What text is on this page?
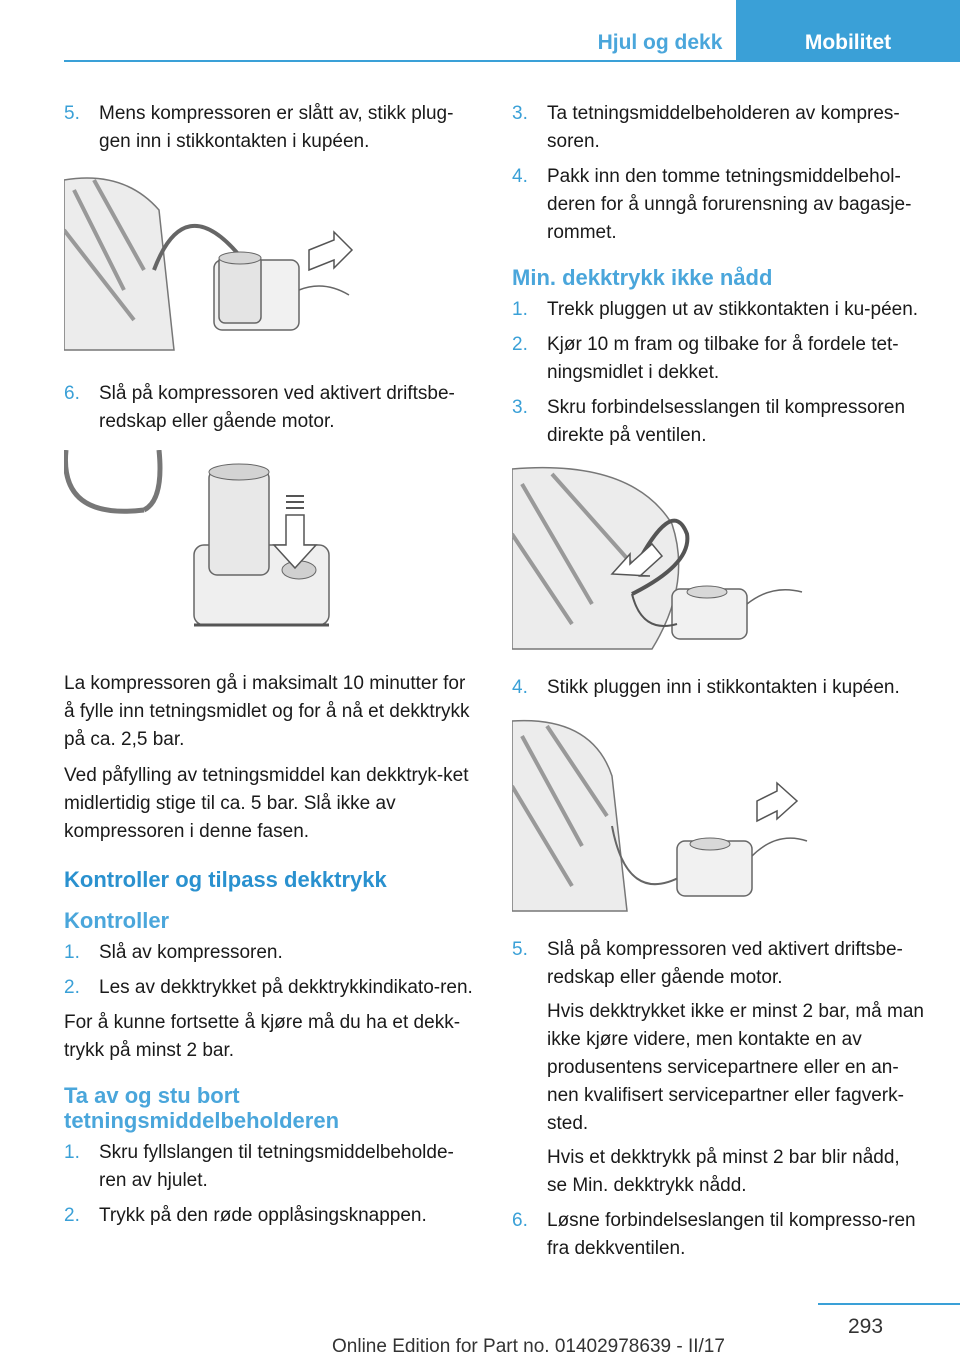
Hjul og dekk	Mobilitet
5. Mens kompressoren er slått av, stikk plug-gen inn i stikkontakten i kupéen.
6. Slå på kompressoren ved aktivert driftsbe-redskap eller gående motor.

La kompressoren gå i maksimalt 10 minutter for å fylle inn tetningsmidlet og for å nå et dekktrykk på ca. 2,5 bar.

Ved påfylling av tetningsmiddel kan dekktryk-ket midlertidig stige til ca. 5 bar. Slå ikke av kompressoren i denne fasen.

Kontroller og tilpass dekktrykk
Kontroller
1. Slå av kompressoren.
2. Les av dekktrykket på dekktrykkindikato-ren.

For å kunne fortsette å kjøre må du ha et dekk-trykk på minst 2 bar.

Ta av og stu bort tetningsmiddelbeholderen
1. Skru fyllslangen til tetningsmiddelbeholde-ren av hjulet.
2. Trykk på den røde opplåsingsknappen.
3. Ta tetningsmiddelbeholderen av kompres-soren.
4. Pakk inn den tomme tetningsmiddelbehol-deren for å unngå forurensning av bagasje-rommet.
Min. dekktrykk ikke nådd
1. Trekk pluggen ut av stikkontakten i ku-péen.
2. Kjør 10 m fram og tilbake for å fordele tet-ningsmidlet i dekket.
3. Skru forbindelsesslangen til kompressoren direkte på ventilen.
4. Stikk pluggen inn i stikkontakten i kupéen.
5. Slå på kompressoren ved aktivert driftsbe-redskap eller gående motor.
Hvis dekktrykket ikke er minst 2 bar, må man ikke kjøre videre, men kontakte en av produsentens servicepartnere eller en an-nen kvalifisert servicepartner eller fagverk-sted.
Hvis et dekktrykk på minst 2 bar blir nådd, se Min. dekktrykk nådd.
6. Løsne forbindelseslangen til kompresso-ren fra dekkventilen.
293
Online Edition for Part no. 01402978639 - II/17
